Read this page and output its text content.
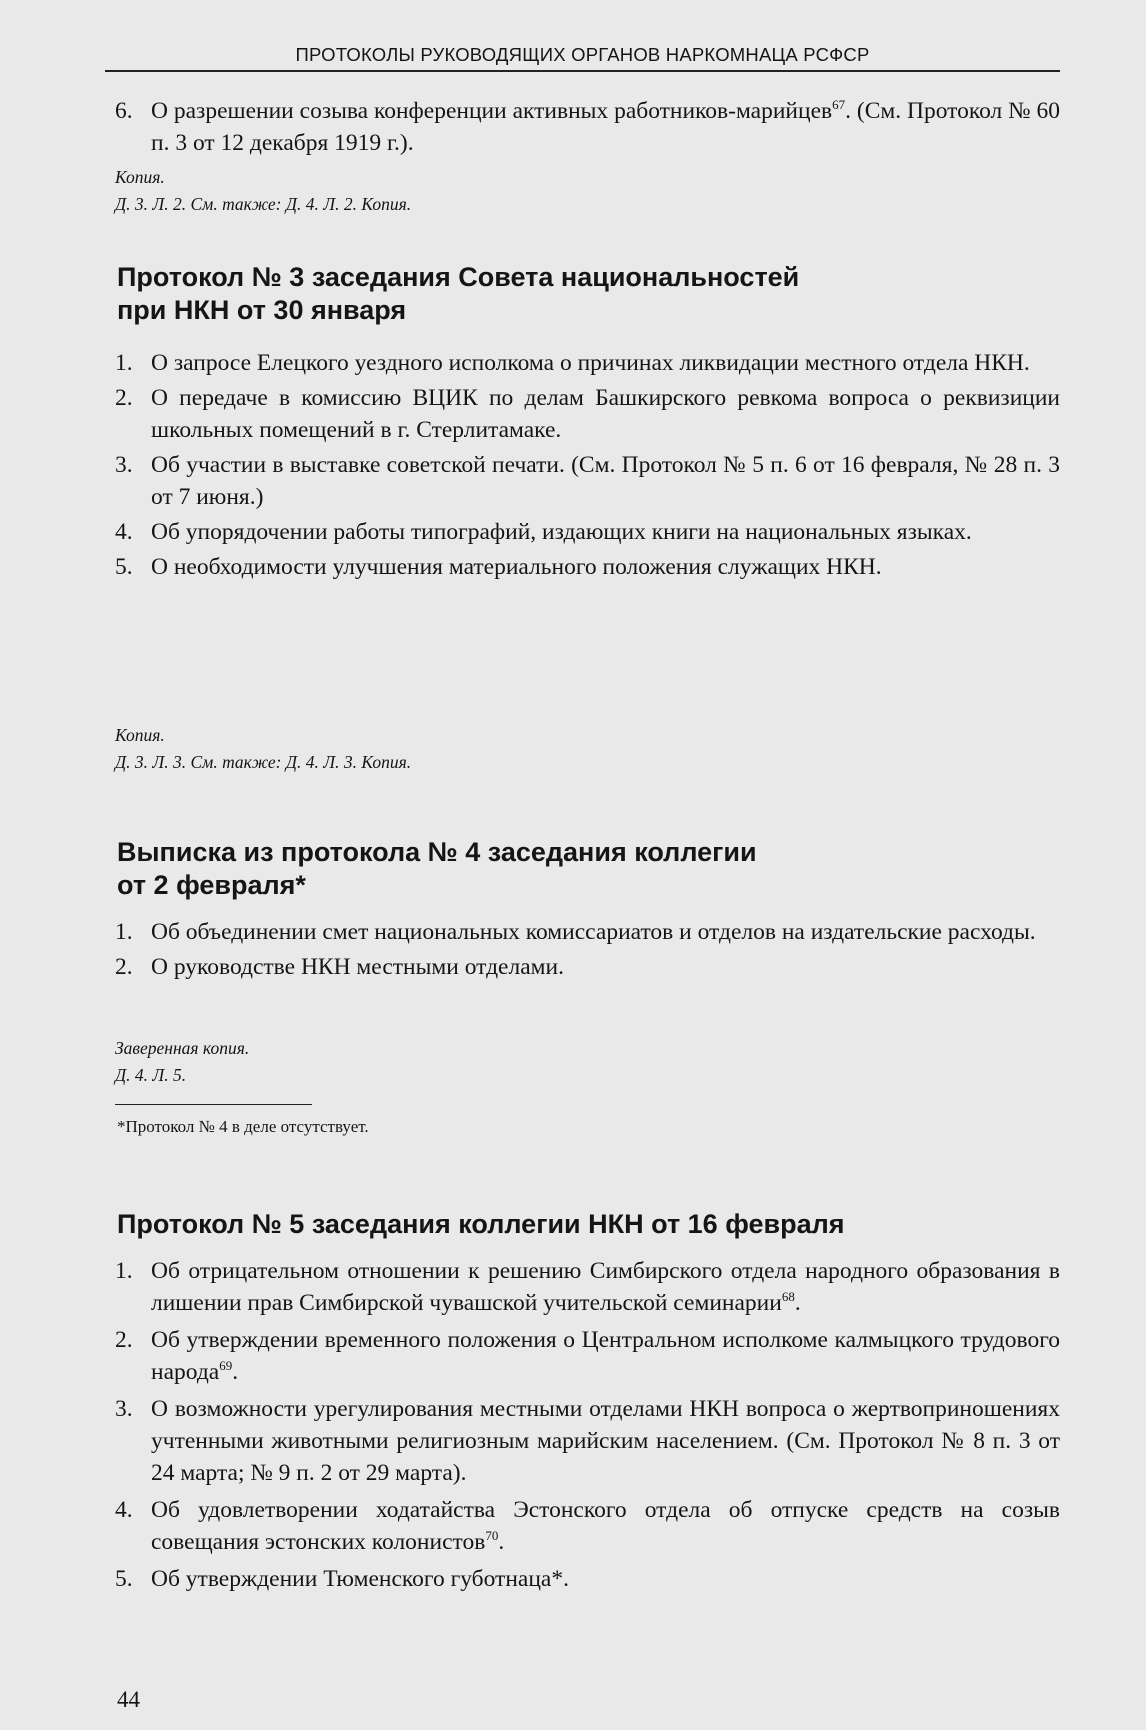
ПРОТОКОЛЫ РУКОВОДЯЩИХ ОРГАНОВ НАРКОМНАЦА РСФСР
6. О разрешении созыва конференции активных работников-марийцев$^{67}$. (См. Протокол № 60 п. 3 от 12 декабря 1919 г.).
Копия.
Д. 3. Л. 2. См. также: Д. 4. Л. 2. Копия.
Протокол № 3 заседания Совета национальностей
при НКН от 30 января
1. О запросе Елецкого уездного исполкома о причинах ликвидации местного отдела НКН.
2. О передаче в комиссию ВЦИК по делам Башкирского ревкома вопроса о реквизиции школьных помещений в г. Стерлитамаке.
3. Об участии в выставке советской печати. (См. Протокол № 5 п. 6 от 16 февраля, № 28 п. 3 от 7 июня.)
4. Об упорядочении работы типографий, издающих книги на национальных языках.
5. О необходимости улучшения материального положения служащих НКН.
Копия.
Д. 3. Л. 3. См. также: Д. 4. Л. 3. Копия.
Выписка из протокола № 4 заседания коллегии
от 2 февраля*
1. Об объединении смет национальных комиссариатов и отделов на издательские расходы.
2. О руководстве НКН местными отделами.
Заверенная копия.
Д. 4. Л. 5.
*Протокол № 4 в деле отсутствует.
Протокол № 5 заседания коллегии НКН от 16 февраля
1. Об отрицательном отношении к решению Симбирского отдела народного образования в лишении прав Симбирской чувашской учительской семинарии$^{68}$.
2. Об утверждении временного положения о Центральном исполкоме калмыцкого трудового народа$^{69}$.
3. О возможности урегулирования местными отделами НКН вопроса о жертвоприношениях учтенными животными религиозным марийским населением. (См. Протокол № 8 п. 3 от 24 марта; № 9 п. 2 от 29 марта).
4. Об удовлетворении ходатайства Эстонского отдела об отпуске средств на созыв совещания эстонских колонистов$^{70}$.
5. Об утверждении Тюменского губотнаца*.
44
